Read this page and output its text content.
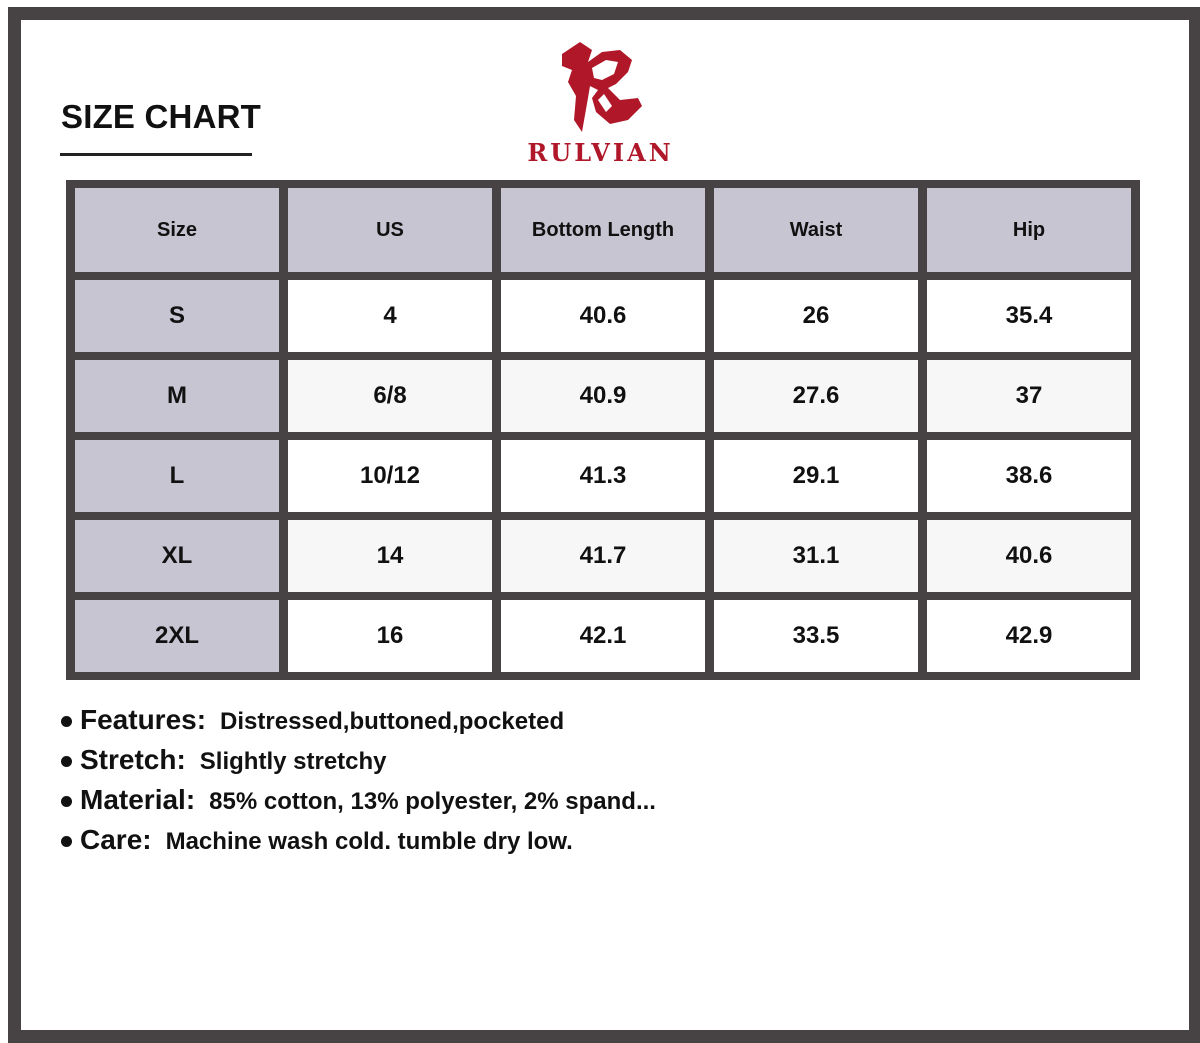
SIZE CHART
RULVIAN
Size	US	Bottom Length	Waist	Hip
S	4	40.6	26	35.4
M	6/8	40.9	27.6	37
L	10/12	41.3	29.1	38.6
XL	14	41.7	31.1	40.6
2XL	16	42.1	33.5	42.9
Features: Distressed,buttoned,pocketed
Stretch: Slightly stretchy
Material: 85% cotton, 13% polyester, 2% spand...
Care: Machine wash cold. tumble dry low.
